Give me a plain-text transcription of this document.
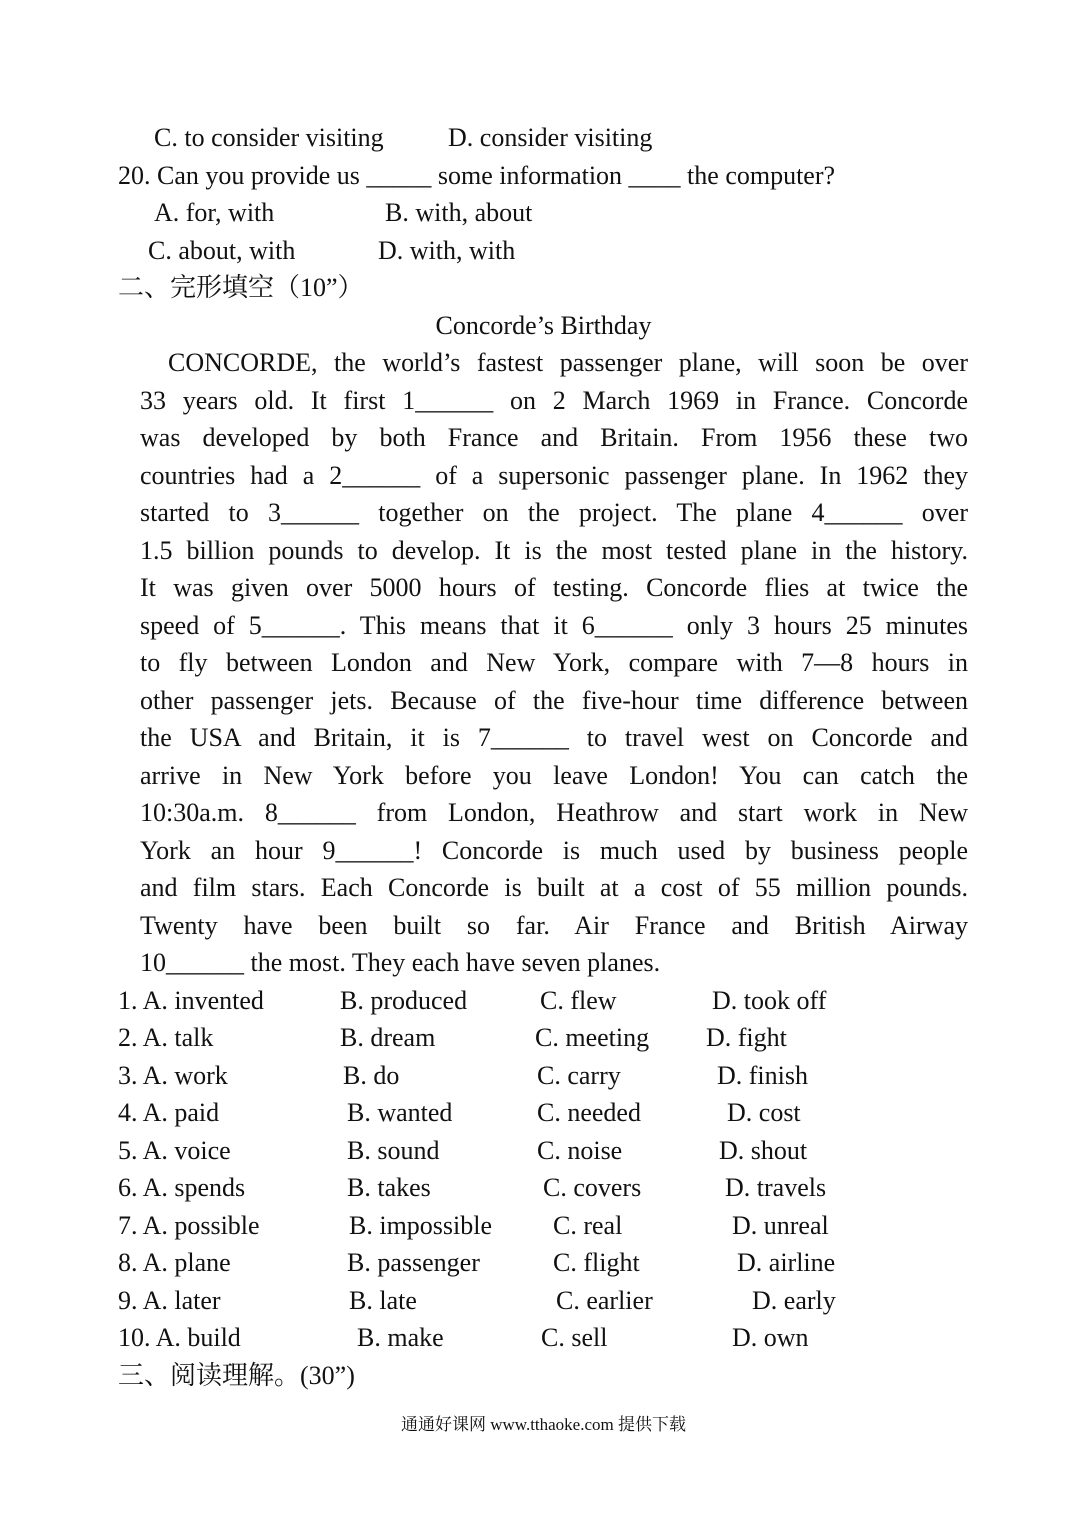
C. to consider visiting D. consider visiting
20. Can you provide us _____ some information ____ the computer?
A. for, with	B. with, about
C. about, with	D. with, with
二、完形填空（10”）
Concorde’s Birthday
CONCORDE, the world’s fastest passenger plane, will soon be over
33 years old. It first 1______ on 2 March 1969 in France. Concorde
was developed by both France and Britain. From 1956 these two
countries had a 2______ of a supersonic passenger plane. In 1962 they
started to 3______ together on the project. The plane 4______ over
1.5 billion pounds to develop. It is the most tested plane in the history.
It was given over 5000 hours of testing. Concorde flies at twice the
speed of 5______. This means that it 6______ only 3 hours 25 minutes
to fly between London and New York, compare with 7—8 hours in
other passenger jets. Because of the five-hour time difference between
the USA and Britain, it is 7______ to travel west on Concorde and
arrive in New York before you leave London! You can catch the
10:30a.m. 8______ from London, Heathrow and start work in New
York an hour 9______! Concorde is much used by business people
and film stars. Each Concorde is built at a cost of 55 million pounds.
Twenty have been built so far. Air France and British Airway
10______ the most. They each have seven planes.
1. A. invented	B. produced	C. flew	D. took off
2. A. talk	B. dream	C. meeting D. fight
3. A. work	B. do	C. carry	D. finish
4. A. paid	B. wanted	C. needed	D. cost
5. A. voice	B. sound	C. noise	D. shout
6. A. spends	B. takes	C. covers	D. travels
7. A. possible	B. impossible C. real	D. unreal
8. A. plane	B. passenger	C. flight	D. airline
9. A. later	B. late	C. earlier	D. early
10. A. build	B. make	C. sell	D. own
三、阅读理解。(30”)
通通好课网 www.tthaoke.com 提供下载
